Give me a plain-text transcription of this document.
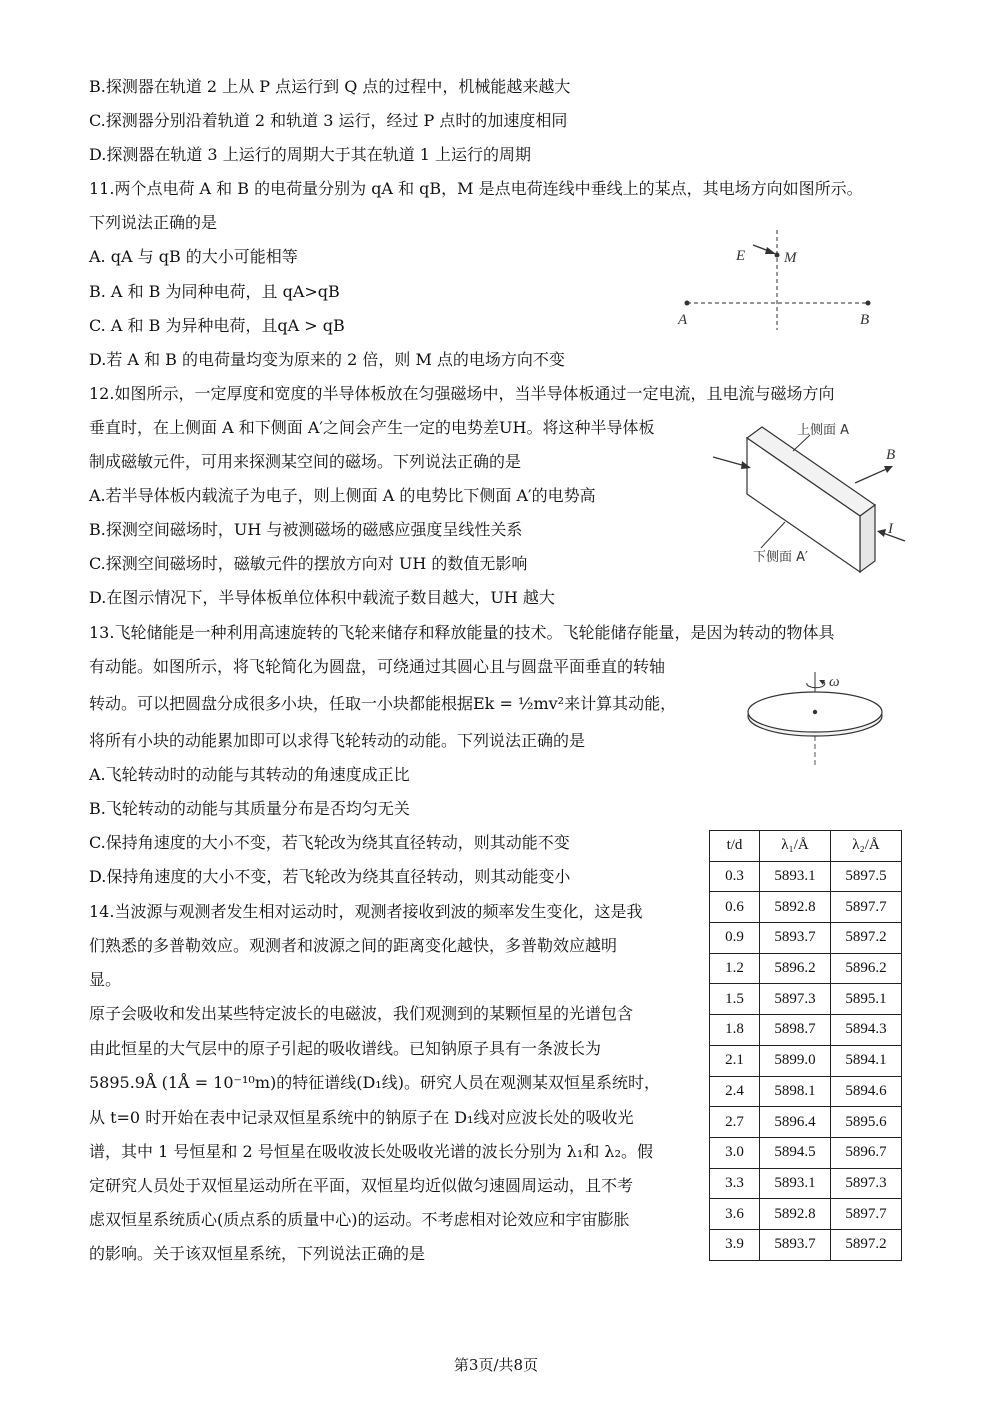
B.探测器在轨道 2 上从 P 点运行到 Q 点的过程中，机械能越来越大
C.探测器分别沿着轨道 2 和轨道 3 运行，经过 P 点时的加速度相同
D.探测器在轨道 3 上运行的周期大于其在轨道 1 上运行的周期
11.两个点电荷 A 和 B 的电荷量分别为 qA 和 qB，M 是点电荷连线中垂线上的某点，其电场方向如图所示。
下列说法正确的是
A. qA 与 qB 的大小可能相等
B. A 和 B 为同种电荷，且 qA>qB
C. A 和 B 为异种电荷，且qA > qB
D.若 A 和 B 的电荷量均变为原来的 2 倍，则 M 点的电场方向不变
E	M
A	B
12.如图所示，一定厚度和宽度的半导体板放在匀强磁场中，当半导体板通过一定电流，且电流与磁场方向
垂直时，在上侧面 A 和下侧面 A′之间会产生一定的电势差UH。将这种半导体板
制成磁敏元件，可用来探测某空间的磁场。下列说法正确的是
A.若半导体板内载流子为电子，则上侧面 A 的电势比下侧面 A′的电势高
B.探测空间磁场时，UH 与被测磁场的磁感应强度呈线性关系
C.探测空间磁场时，磁敏元件的摆放方向对 UH 的数值无影响
D.在图示情况下，半导体板单位体积中载流子数目越大，UH 越大
上侧面 A
下侧面 A′
B
I
13.飞轮储能是一种利用高速旋转的飞轮来储存和释放能量的技术。飞轮能储存能量，是因为转动的物体具
有动能。如图所示，将飞轮简化为圆盘，可绕通过其圆心且与圆盘平面垂直的转轴
转动。可以把圆盘分成很多小块，任取一小块都能根据Ek = ½mv²来计算其动能，
将所有小块的动能累加即可以求得飞轮转动的动能。下列说法正确的是
A.飞轮转动时的动能与其转动的角速度成正比
B.飞轮转动的动能与其质量分布是否均匀无关
C.保持角速度的大小不变，若飞轮改为绕其直径转动，则其动能不变
D.保持角速度的大小不变，若飞轮改为绕其直径转动，则其动能变小
ω
14.当波源与观测者发生相对运动时，观测者接收到波的频率发生变化，这是我
们熟悉的多普勒效应。观测者和波源之间的距离变化越快，多普勒效应越明
显。
原子会吸收和发出某些特定波长的电磁波，我们观测到的某颗恒星的光谱包含
由此恒星的大气层中的原子引起的吸收谱线。已知钠原子具有一条波长为
5895.9Å (1Å = 10⁻¹⁰m)的特征谱线(D₁线)。研究人员在观测某双恒星系统时，
从 t=0 时开始在表中记录双恒星系统中的钠原子在 D₁线对应波长处的吸收光
谱，其中 1 号恒星和 2 号恒星在吸收波长处吸收光谱的波长分别为 λ₁和 λ₂。假
定研究人员处于双恒星运动所在平面，双恒星均近似做匀速圆周运动，且不考
虑双恒星系统质心(质点系的质量中心)的运动。不考虑相对论效应和宇宙膨胀
的影响。关于该双恒星系统，下列说法正确的是
t/d	λ₁/Å	λ₂/Å
0.3	5893.1	5897.5
0.6	5892.8	5897.7
0.9	5893.7	5897.2
1.2	5896.2	5896.2
1.5	5897.3	5895.1
1.8	5898.7	5894.3
2.1	5899.0	5894.1
2.4	5898.1	5894.6
2.7	5896.4	5895.6
3.0	5894.5	5896.7
3.3	5893.1	5897.3
3.6	5892.8	5897.7
3.9	5893.7	5897.2
第3页/共8页
